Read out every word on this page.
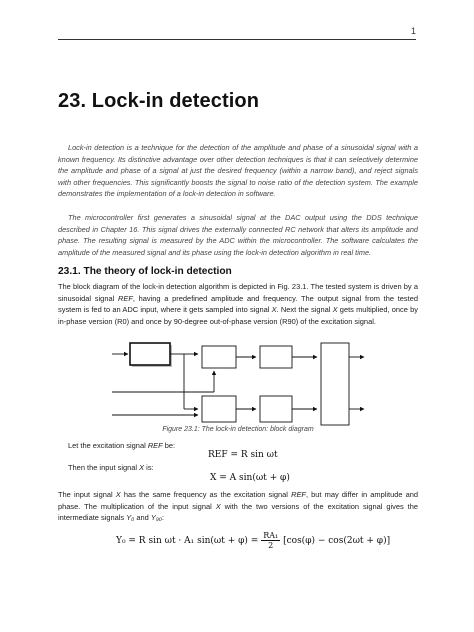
1
23. Lock-in detection

Lock-in detection is a technique for the detection of the amplitude and phase of a sinusoidal signal with a known frequency. Its distinctive advantage over other detection techniques is that it can selectively determine the amplitude and phase of a signal at just the desired frequency (within a narrow band), and reject signals with other frequencies. This significantly boosts the signal to noise ratio of the detection system. The example demonstrates the implementation of a lock-in detection in software.

The microcontroller first generates a sinusoidal signal at the DAC output using the DDS technique described in Chapter 16. This signal drives the externally connected RC network that alters its amplitude and phase. The resulting signal is measured by the ADC within the microcontroller. The software calculates the amplitude of the measured signal and its phase using the lock-in detection algorithm in real time.

23.1. The theory of lock-in detection

The block diagram of the lock-in detection algorithm is depicted in Fig. 23.1. The tested system is driven by a sinusoidal signal REF, having a predefined amplitude and frequency. The output signal from the tested system is fed to an ADC input, where it gets sampled into signal X. Next the signal X gets multiplied, once by in-phase version (R0) and once by 90-degree out-of-phase version (R90) of the excitation signal.

Figure 23.1: The lock-in detection: block diagram

Let the excitation signal REF be:

REF = R sin ωt

Then the input signal X is:

X = A sin(ωt + φ)

The input signal X has the same frequency as the excitation signal REF, but may differ in amplitude and phase. The multiplication of the input signal X with the two versions of the excitation signal gives the intermediate signals Y₀ and Y₉₀:

Y₀ = R sin ωt · A₁ $\sin(\omega t + \varphi) = \frac{\text{RA₁}}{2} [\cos(\varphi) - \cos(2\omega t + \varphi)]$
